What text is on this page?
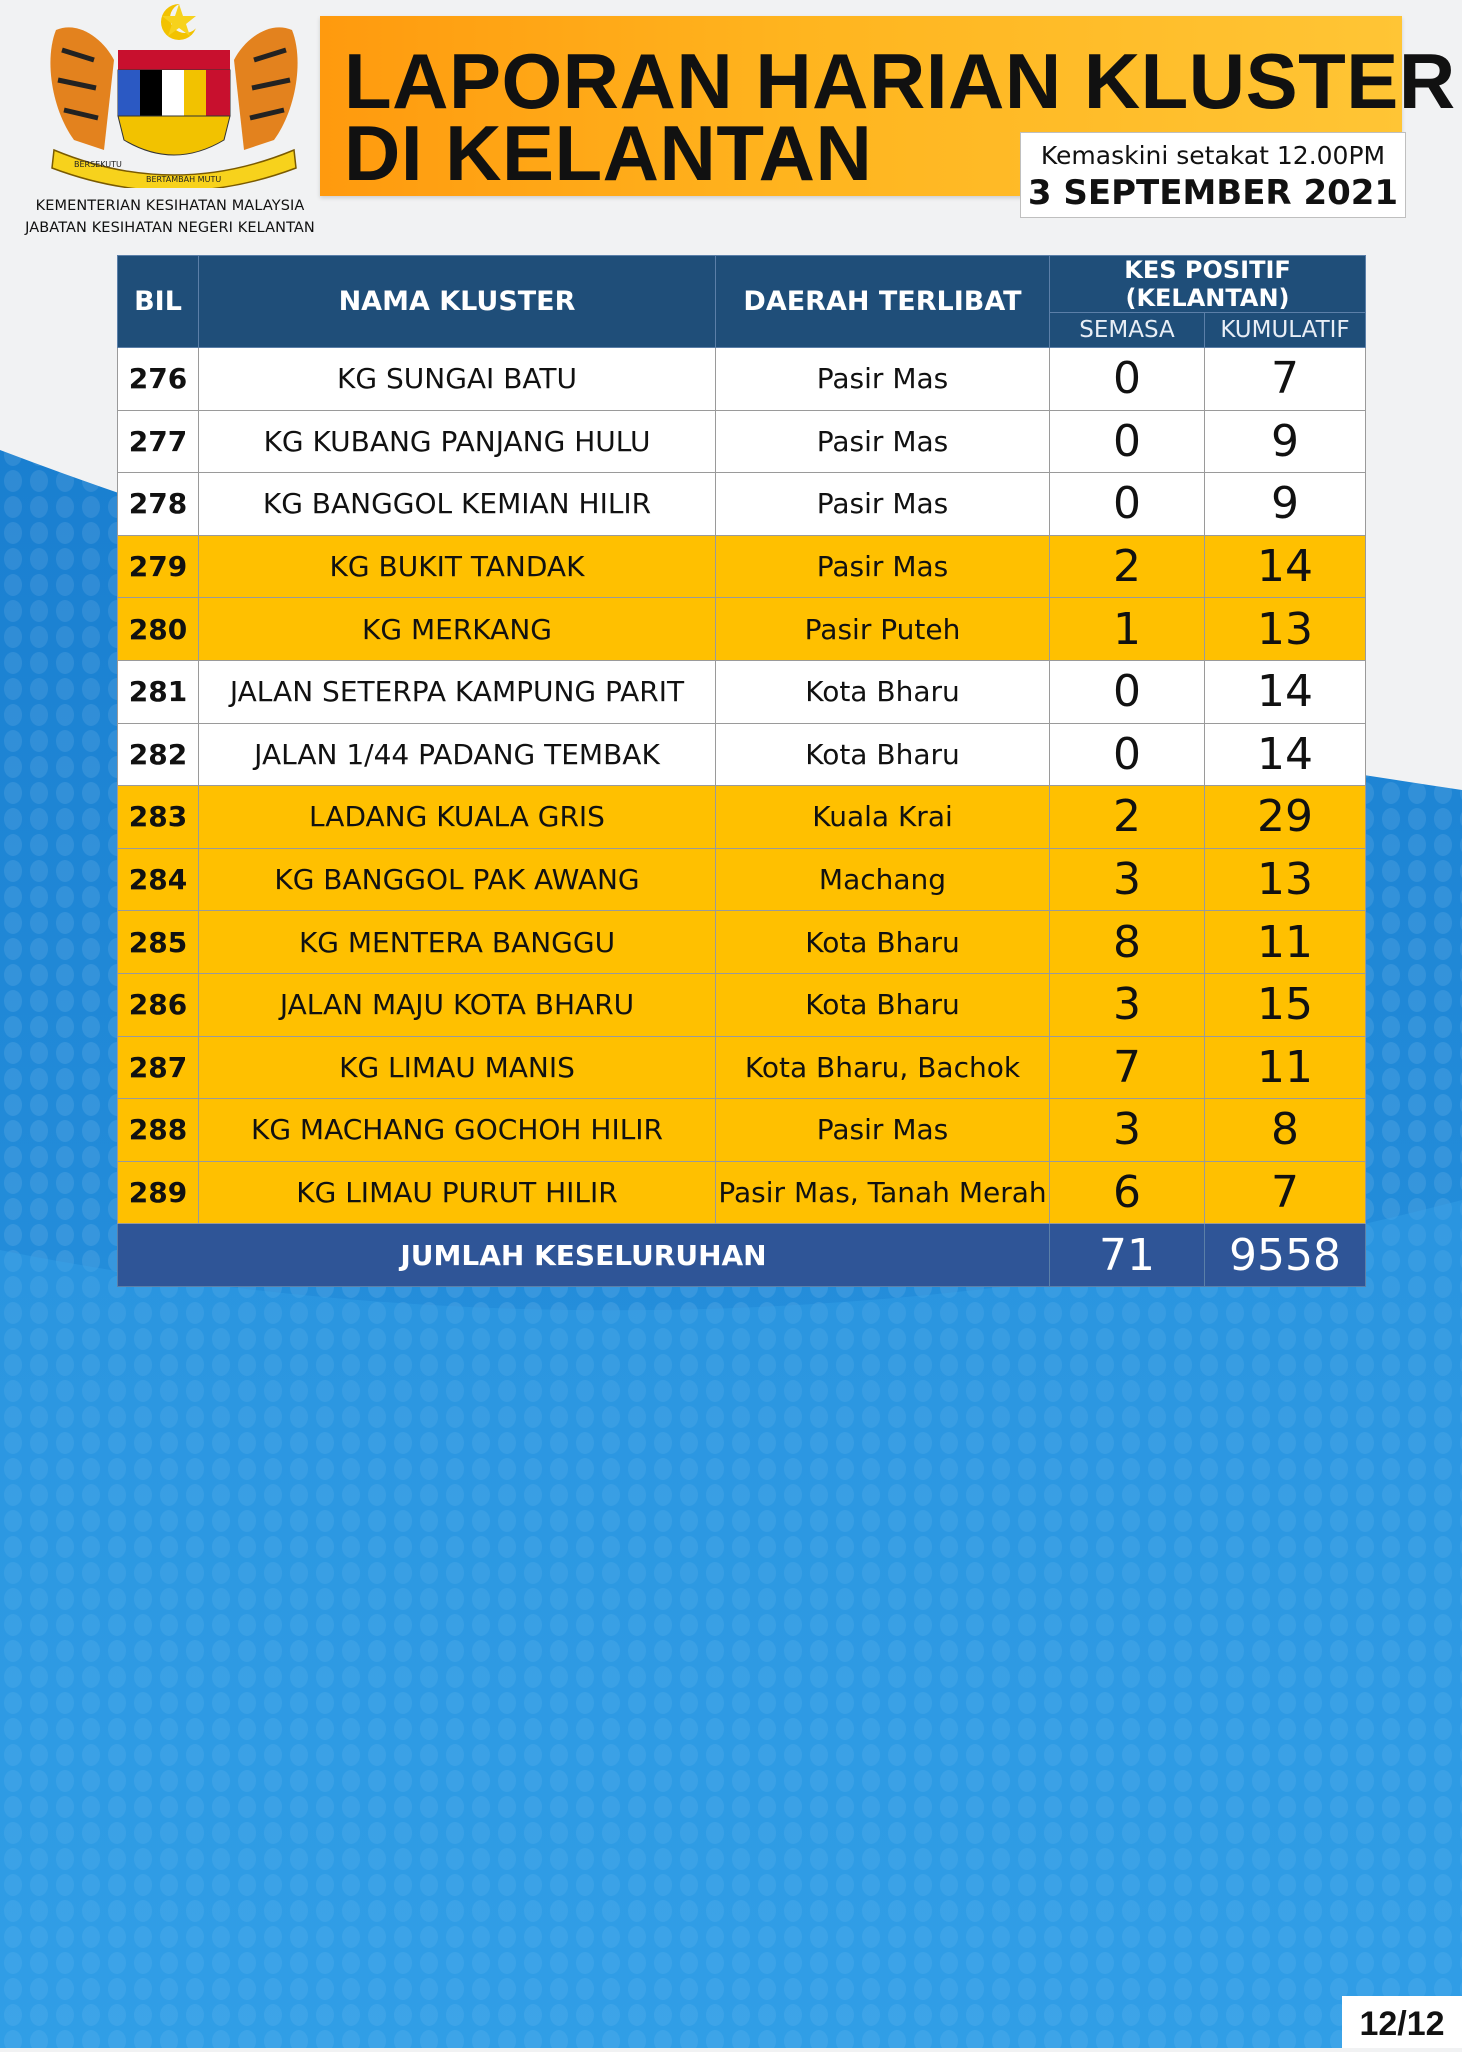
BERSEKUTU
BERTAMBAH MUTU
KEMENTERIAN KESIHATAN MALAYSIA
JABATAN KESIHATAN NEGERI KELANTAN
LAPORAN HARIAN KLUSTER
DI KELANTAN	Kemaskini setakat 12.00PM
3 SEPTEMBER 2021
BIL	NAMA KLUSTER	DAERAH TERLIBAT	KES POSITIF (KELANTAN)	
			SEMASA	KUMULATIF
276	KG SUNGAI BATU	Pasir Mas	0	7
277	KG KUBANG PANJANG HULU	Pasir Mas	0	9
278	KG BANGGOL KEMIAN HILIR	Pasir Mas	0	9
279	KG BUKIT TANDAK	Pasir Mas	2	14
280	KG MERKANG	Pasir Puteh	1	13
281	JALAN SETERPA KAMPUNG PARIT	Kota Bharu	0	14
282	JALAN 1/44 PADANG TEMBAK	Kota Bharu	0	14
283	LADANG KUALA GRIS	Kuala Krai	2	29
284	KG BANGGOL PAK AWANG	Machang	3	13
285	KG MENTERA BANGGU	Kota Bharu	8	11
286	JALAN MAJU KOTA BHARU	Kota Bharu	3	15
287	KG LIMAU MANIS	Kota Bharu, Bachok	7	11
288	KG MACHANG GOCHOH HILIR	Pasir Mas	3	8
289	KG LIMAU PURUT HILIR	Pasir Mas, Tanah Merah	6	7
JUMLAH KESELURUHAN			71	9558
12/12
